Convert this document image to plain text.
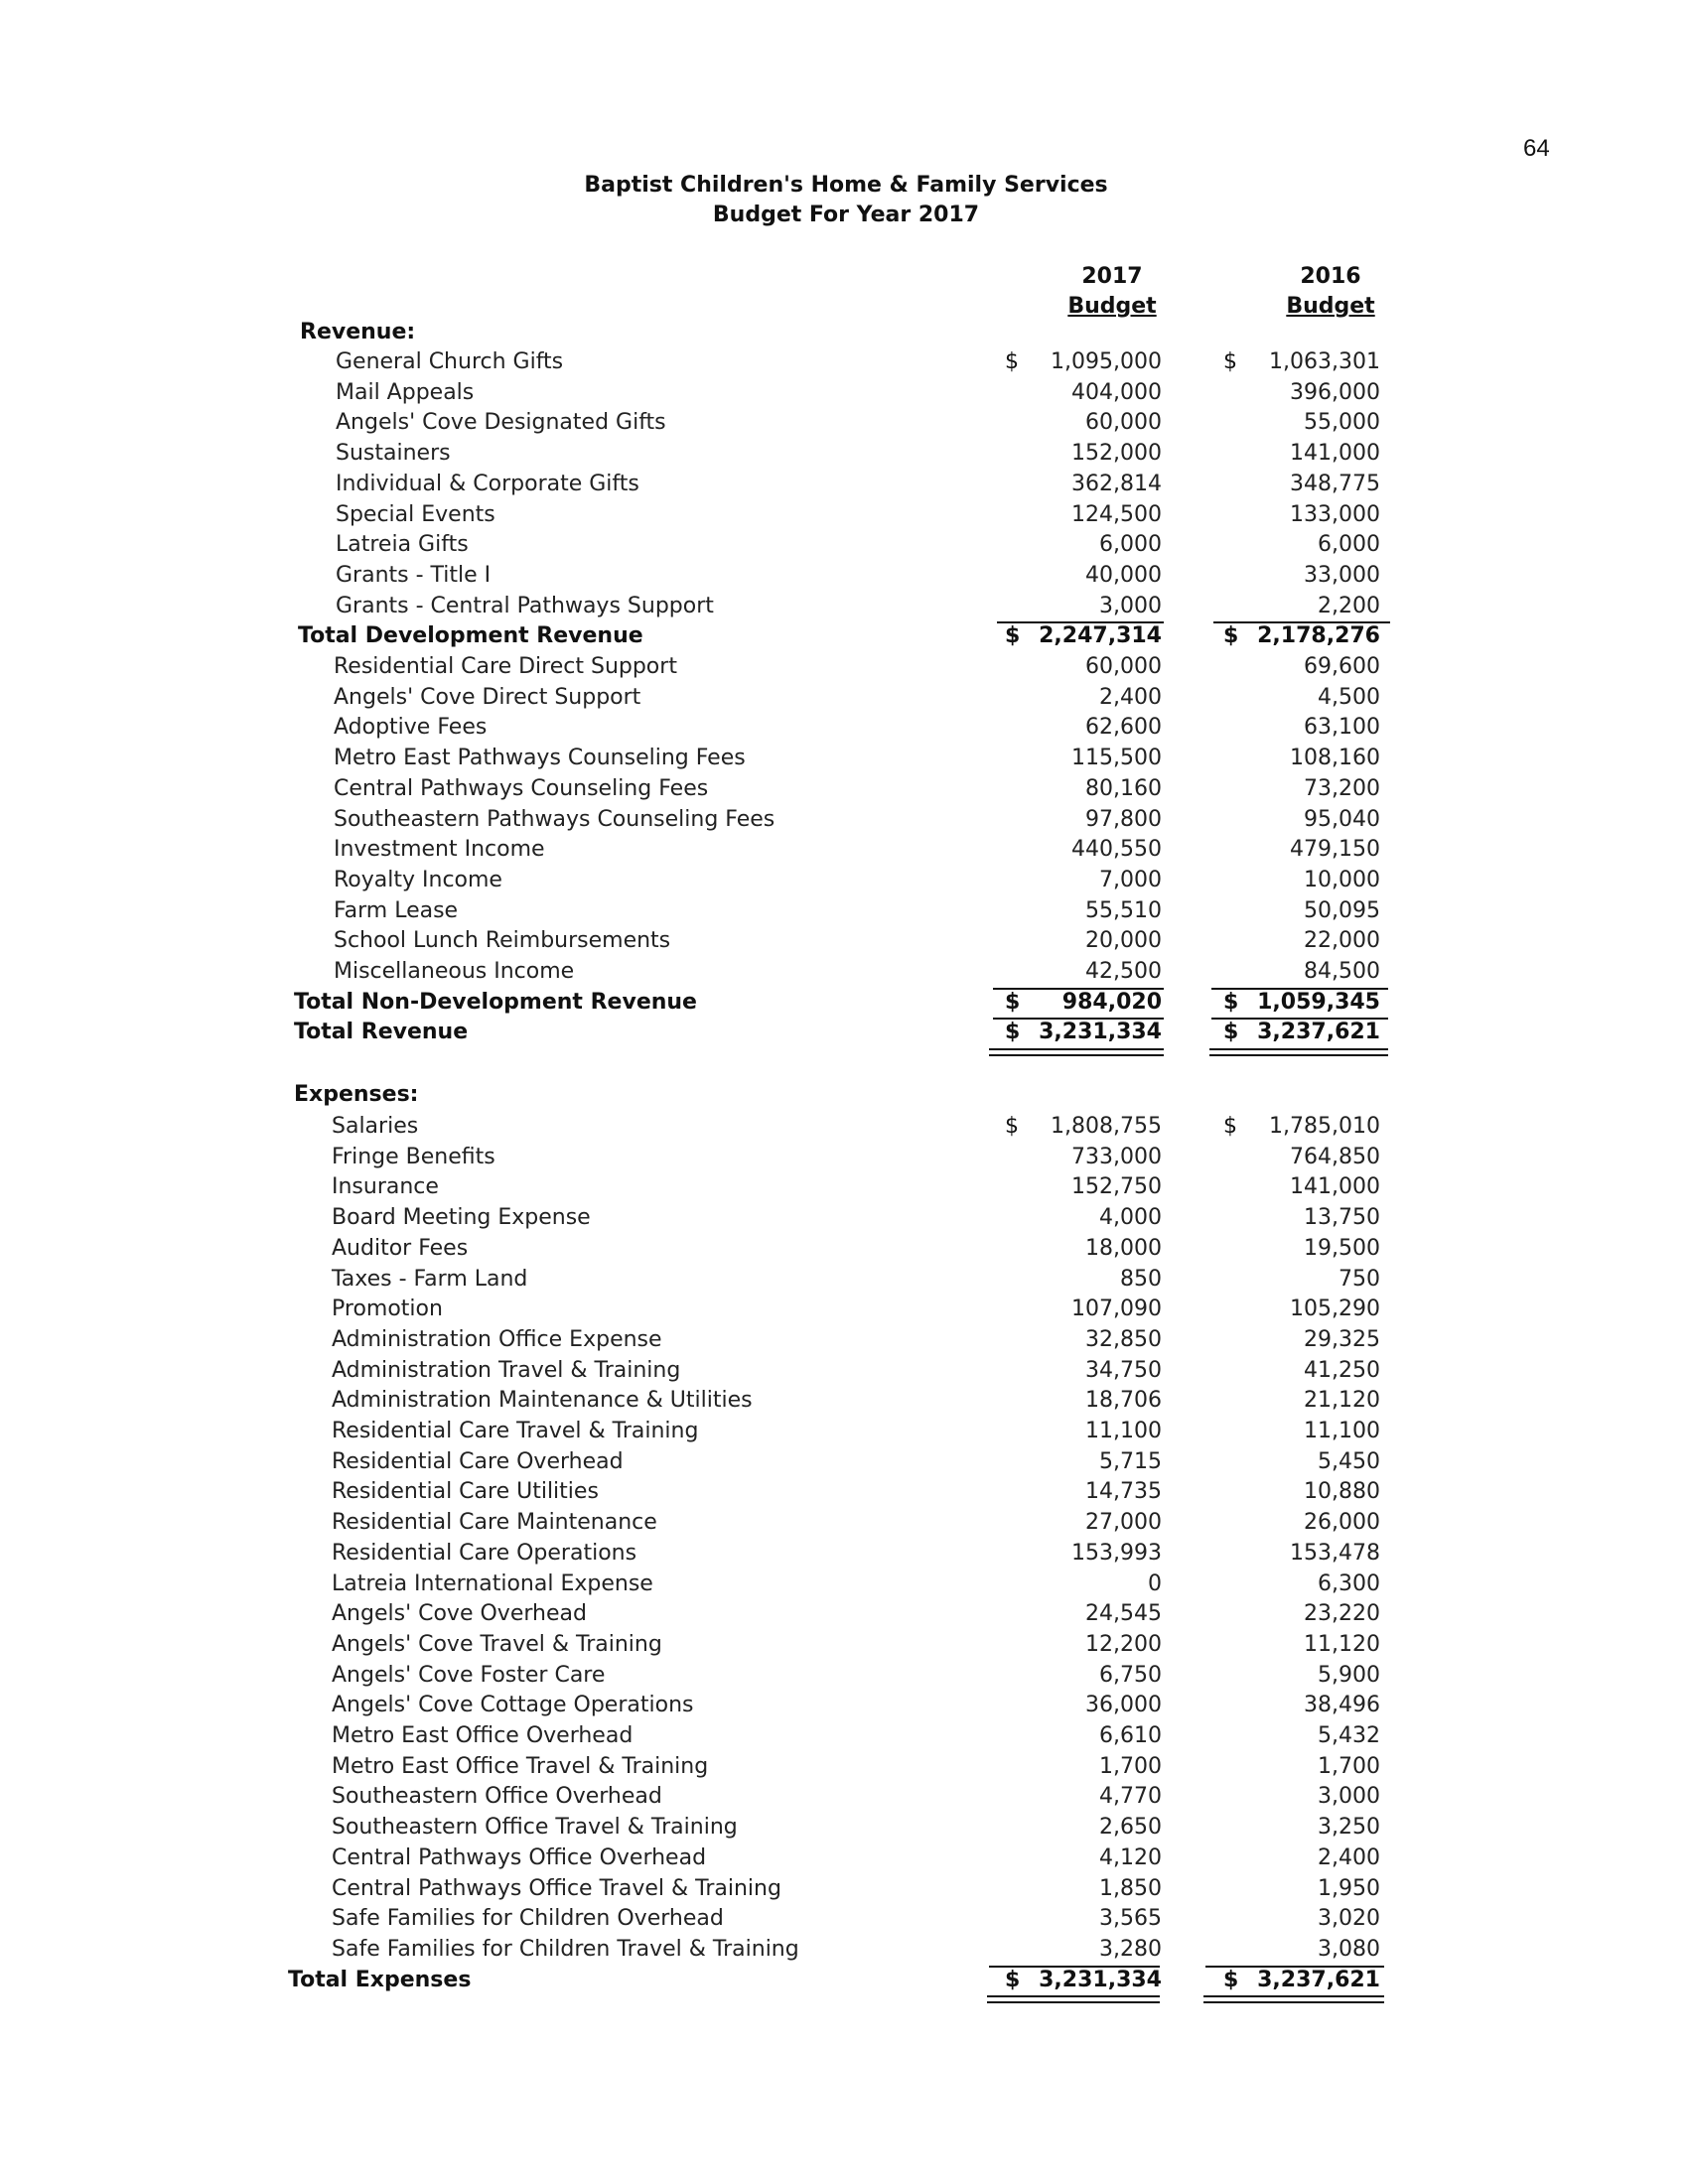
64
Baptist Children's Home & Family Services
Budget For Year 2017
2017
Budget
2016
Budget
Revenue:
General Church Gifts	$	1,095,000	$	1,063,301
Mail Appeals	404,000	396,000
Angels' Cove Designated Gifts	60,000	55,000
Sustainers	152,000	141,000
Individual & Corporate Gifts	362,814	348,775
Special Events	124,500	133,000
Latreia Gifts	6,000	6,000
Grants - Title I	40,000	33,000
Grants - Central Pathways Support	3,000	2,200
Total Development Revenue	$ 2,247,314	$ 2,178,276
Residential Care Direct Support	60,000	69,600
Angels' Cove Direct Support	2,400	4,500
Adoptive Fees	62,600	63,100
Metro East Pathways Counseling Fees	115,500	108,160
Central Pathways Counseling Fees	80,160	73,200
Southeastern Pathways Counseling Fees	97,800	95,040
Investment Income	440,550	479,150
Royalty Income	7,000	10,000
Farm Lease	55,510	50,095
School Lunch Reimbursements	20,000	22,000
Miscellaneous Income	42,500	84,500
Total Non-Development Revenue	$	984,020	$ 1,059,345
Total Revenue	$ 3,231,334	$ 3,237,621
Expenses:
Salaries	$	1,808,755	$	1,785,010
Fringe Benefits	733,000	764,850
Insurance	152,750	141,000
Board Meeting Expense	4,000	13,750
Auditor Fees	18,000	19,500
Taxes - Farm Land	850	750
Promotion	107,090	105,290
Administration Office Expense	32,850	29,325
Administration Travel & Training	34,750	41,250
Administration Maintenance & Utilities	18,706	21,120
Residential Care Travel & Training	11,100	11,100
Residential Care Overhead	5,715	5,450
Residential Care Utilities	14,735	10,880
Residential Care Maintenance	27,000	26,000
Residential Care Operations	153,993	153,478
Latreia International Expense	0	6,300
Angels' Cove Overhead	24,545	23,220
Angels' Cove Travel & Training	12,200	11,120
Angels' Cove Foster Care	6,750	5,900
Angels' Cove Cottage Operations	36,000	38,496
Metro East Office Overhead	6,610	5,432
Metro East Office Travel & Training	1,700	1,700
Southeastern Office Overhead	4,770	3,000
Southeastern Office Travel & Training	2,650	3,250
Central Pathways Office Overhead	4,120	2,400
Central Pathways Office Travel & Training	1,850	1,950
Safe Families for Children Overhead	3,565	3,020
Safe Families for Children Travel & Training	3,280	3,080
Total Expenses	$ 3,231,334	$ 3,237,621
